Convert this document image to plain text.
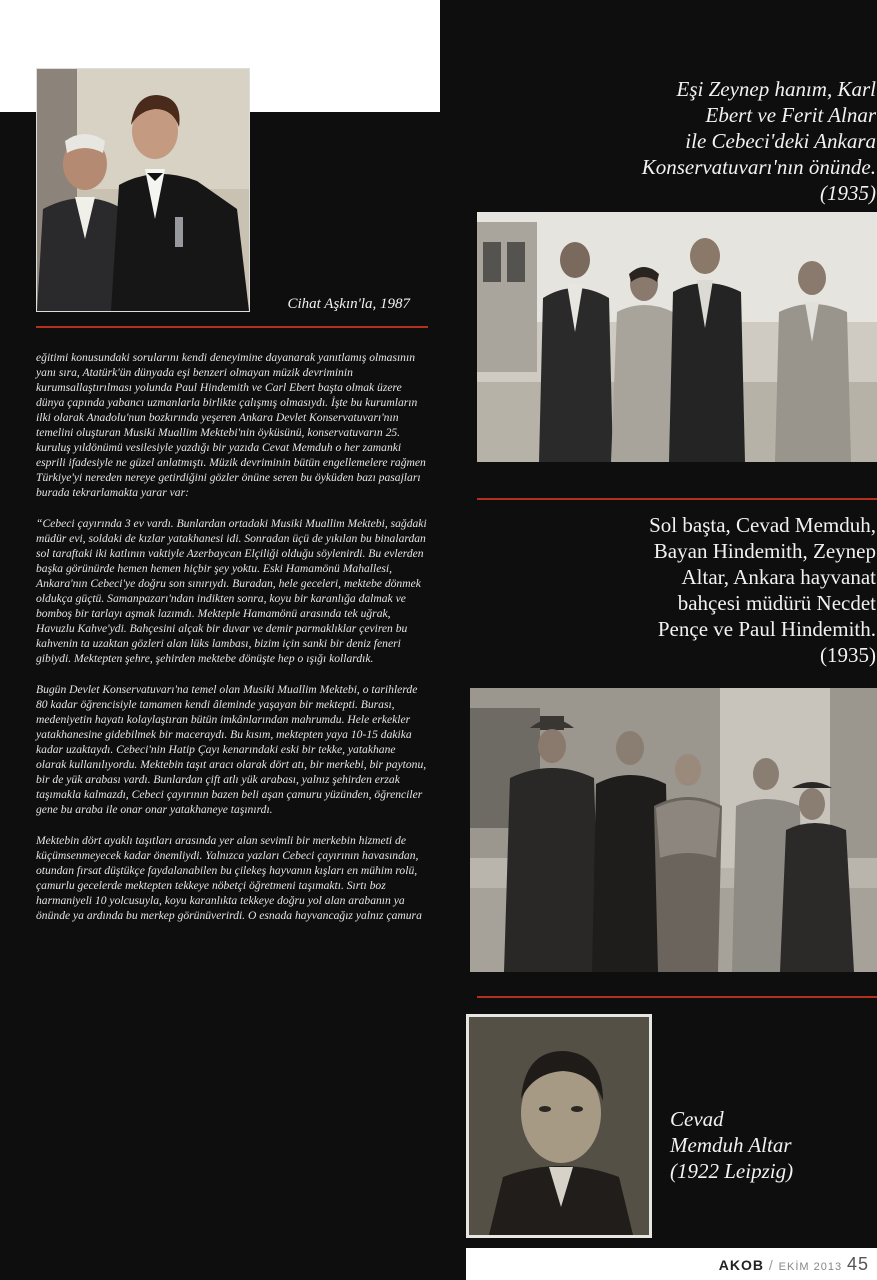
Cihat Aşkın'la, 1987
Eşi Zeynep hanım, Karl
Ebert ve Ferit Alnar
ile Cebeci'deki Ankara
Konservatuvarı'nın önünde.
(1935)
Sol başta, Cevad Memduh,
Bayan Hindemith, Zeynep
Altar, Ankara hayvanat
bahçesi müdürü Necdet
Pençe ve Paul Hindemith.
(1935)
Cevad
Memduh Altar
(1922 Leipzig)

eğitimi konusundaki sorularını kendi deneyimine dayanarak yanıtlamış olmasının yanı sıra, Atatürk'ün dünyada eşi benzeri olmayan müzik devriminin kurumsallaştırılması yolunda Paul Hindemith ve Carl Ebert başta olmak üzere dünya çapında yabancı uzmanlarla birlikte çalışmış olmasıydı. İşte bu kurumların ilki olarak Anadolu'nun bozkırında yeşeren Ankara Devlet Konservatuvarı'nın temelini oluşturan Musiki Muallim Mektebi'nin öyküsünü, konservatuvarın 25. kuruluş yıldönümü vesilesiyle yazdığı bir yazıda Cevat Memduh o her zamanki esprili ifadesiyle ne güzel anlatmıştı. Müzik devriminin bütün engellemelere rağmen Türkiye'yi nereden nereye getirdiğini gözler önüne seren bu öyküden bazı pasajları burada tekrarlamakta yarar var:

“Cebeci çayırında 3 ev vardı. Bunlardan ortadaki Musiki Muallim Mektebi, sağdaki müdür evi, soldaki de kızlar yatakhanesi idi. Sonradan üçü de yıkılan bu binalardan sol taraftaki iki katlının vaktiyle Azerbaycan Elçiliği olduğu söylenirdi. Bu evlerden başka görünürde hemen hemen hiçbir şey yoktu. Eski Hamamönü Mahallesi, Ankara'nın Cebeci'ye doğru son sınırıydı. Buradan, hele geceleri, mektebe dönmek oldukça güçtü. Samanpazarı'ndan indikten sonra, koyu bir karanlığa dalmak ve bomboş bir tarlayı aşmak lazımdı. Mekteple Hamamönü arasında tek uğrak, Havuzlu Kahve'ydi. Bahçesini alçak bir duvar ve demir parmaklıklar çeviren bu kahvenin ta uzaktan gözleri alan lüks lambası, bizim için sanki bir deniz feneri gibiydi. Mektepten şehre, şehirden mektebe dönüşte hep o ışığı kollardık.

Bugün Devlet Konservatuvarı'na temel olan Musiki Muallim Mektebi, o tarihlerde 80 kadar öğrencisiyle tamamen kendi âleminde yaşayan bir mektepti. Burası, medeniyetin hayatı kolaylaştıran bütün imkânlarından mahrumdu. Hele erkekler yatakhanesine gidebilmek bir maceraydı. Bu kısım, mektepten yaya 10-15 dakika kadar uzaktaydı. Cebeci'nin Hatip Çayı kenarındaki eski bir tekke, yatakhane olarak kullanılıyordu. Mektebin taşıt aracı olarak dört atı, bir merkebi, bir paytonu, bir de yük arabası vardı. Bunlardan çift atlı yük arabası, yalnız şehirden erzak taşımakla kalmazdı, Cebeci çayırının bazen beli aşan çamuru yüzünden, öğrenciler gene bu araba ile onar onar yatakhaneye taşınırdı.

Mektebin dört ayaklı taşıtları arasında yer alan sevimli bir merkebin hizmeti de küçümsenmeyecek kadar önemliydi. Yalnızca yazları Cebeci çayırının havasından, otundan fırsat düştükçe faydalanabilen bu çilekeş hayvanın kışları en mühim rolü, çamurlu gecelerde mektepten tekkeye nöbetçi öğretmeni taşımaktı. Sırtı boz harmaniyeli 10 yolcusuyla, koyu karanlıkta tekkeye doğru yol alan arabanın ya önünde ya ardında bu merkep görünüverirdi. O esnada hayvancağız yalnız çamura

AKOB / EKİM 2013 45
